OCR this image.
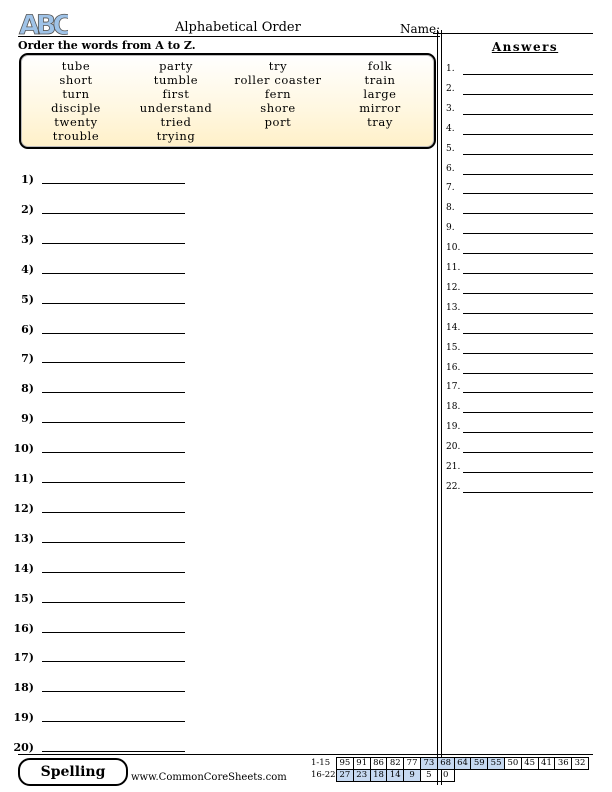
ABC	Alphabetical Order	Name:
Order the words from A to Z.
tube	party	try	folk
short	tumble	roller coaster	train
turn	first	fern	large
disciple	understand	shore	mirror
twenty	tried	port	tray
trouble	trying
1)
2)
3)
4)
5)
6)
7)
8)
9)
10)
11)
12)
13)
14)
15)
16)
17)
18)
19)
20)
Answers
1.
2.
3.
4.
5.
6.
7.
8.
9.
10.
11.
12.
13.
14.
15.
16.
17.
18.
19.
20.
21.
22.
Spelling	www.CommonCoreSheets.com
1-15	95	91	86	82	77	73	68	64	59	55	50	45	41	36	32
16-22	27	23	18	14	9	5	0								
